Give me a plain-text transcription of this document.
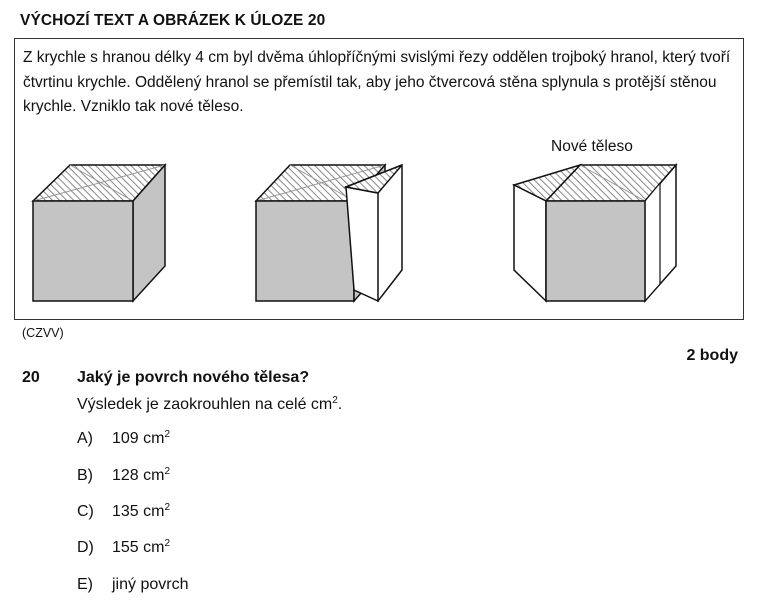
VÝCHOZÍ TEXT A OBRÁZEK K ÚLOZE 20
Z krychle s hranou délky 4 cm byl dvěma úhlopříčnými svislými řezy oddělen trojboký hranol, který tvoří čtvrtinu krychle. Oddělený hranol se přemístil tak, aby jeho čtvercová stěna splynula s protější stěnou krychle. Vzniklo tak nové těleso.
Nové těleso
(CZVV)
2 body
20 Jaký je povrch nového tělesa?
Výsledek je zaokrouhlen na celé $cm^2$.
A) 109 $cm^2$
B) 128 $cm^2$
C) 135 $cm^2$
D) 155 $cm^2$
E) jiný povrch
